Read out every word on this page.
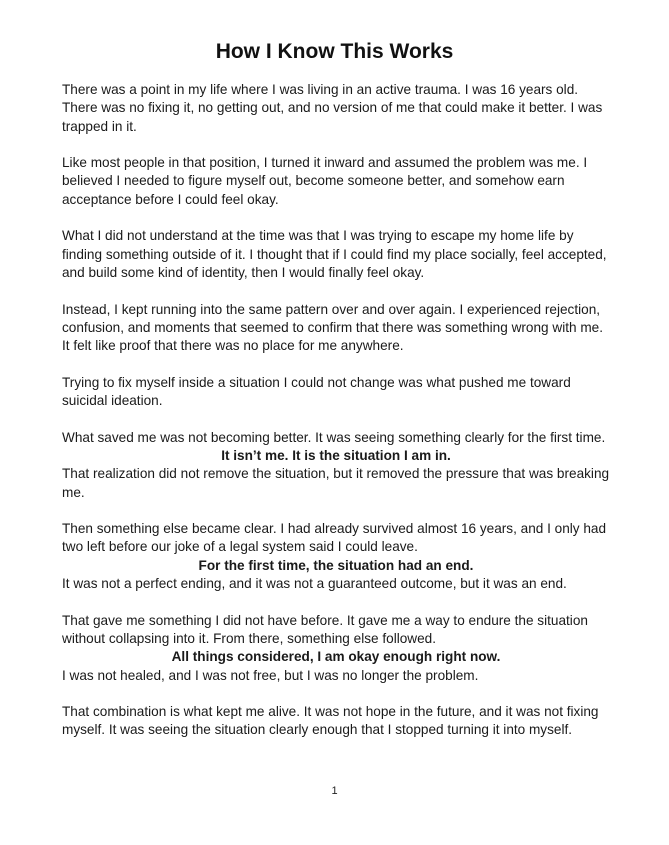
How I Know This Works

There was a point in my life where I was living in an active trauma. I was 16 years old. There was no fixing it, no getting out, and no version of me that could make it better. I was trapped in it.

Like most people in that position, I turned it inward and assumed the problem was me. I believed I needed to figure myself out, become someone better, and somehow earn acceptance before I could feel okay.

What I did not understand at the time was that I was trying to escape my home life by finding something outside of it. I thought that if I could find my place socially, feel accepted, and build some kind of identity, then I would finally feel okay.

Instead, I kept running into the same pattern over and over again. I experienced rejection, confusion, and moments that seemed to confirm that there was something wrong with me. It felt like proof that there was no place for me anywhere.

Trying to fix myself inside a situation I could not change was what pushed me toward suicidal ideation.

What saved me was not becoming better. It was seeing something clearly for the first time.

It isn’t me. It is the situation I am in.

That realization did not remove the situation, but it removed the pressure that was breaking me.

Then something else became clear. I had already survived almost 16 years, and I only had two left before our joke of a legal system said I could leave.

For the first time, the situation had an end.

It was not a perfect ending, and it was not a guaranteed outcome, but it was an end.

That gave me something I did not have before. It gave me a way to endure the situation without collapsing into it. From there, something else followed.

All things considered, I am okay enough right now.

I was not healed, and I was not free, but I was no longer the problem.

That combination is what kept me alive. It was not hope in the future, and it was not fixing myself. It was seeing the situation clearly enough that I stopped turning it into myself.

1
